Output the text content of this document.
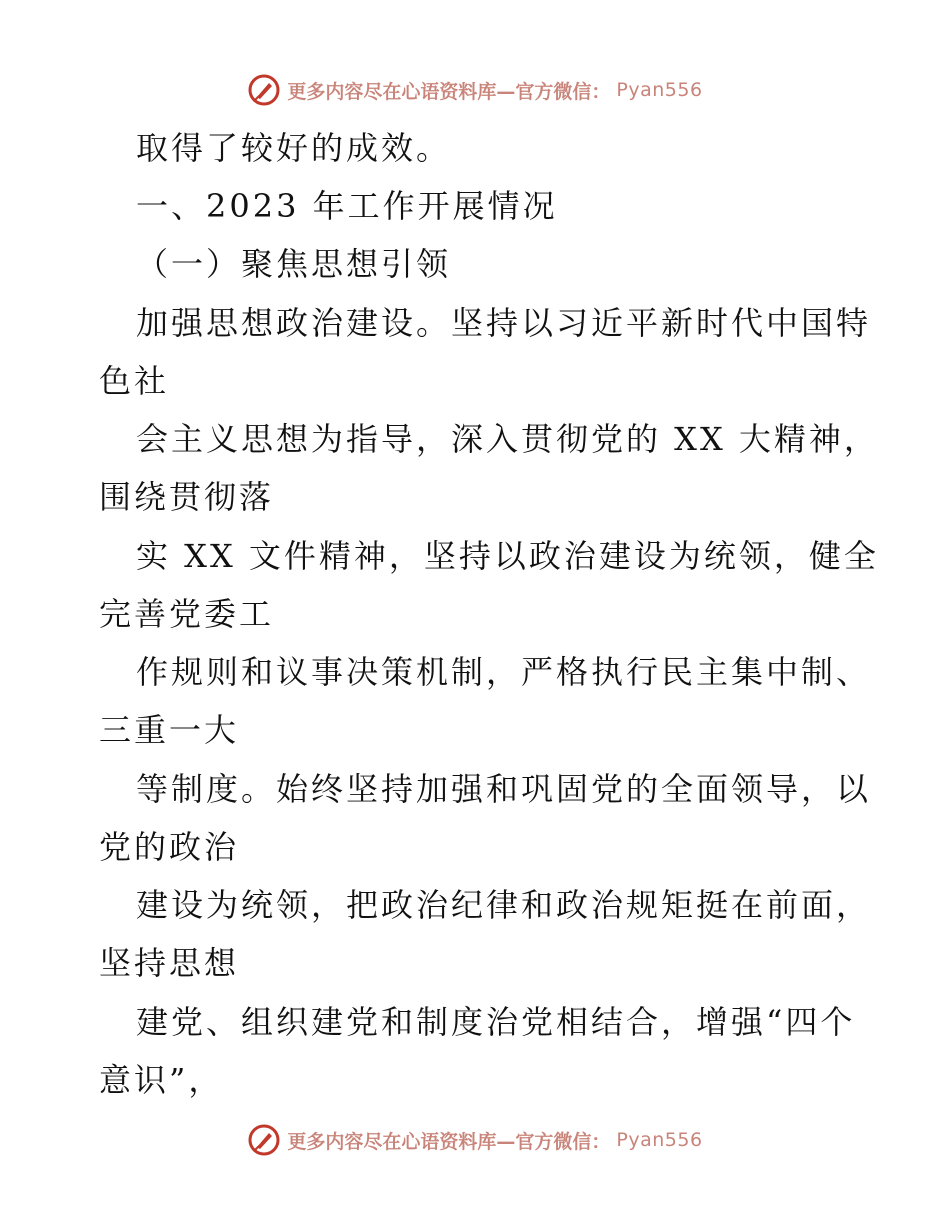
更多内容尽在心语资料库—官方微信： Pyan556
取得了较好的成效。
一、2023 年工作开展情况
（一）聚焦思想引领
加强思想政治建设。坚持以习近平新时代中国特
色社
会主义思想为指导，深入贯彻党的 XX 大精神，
围绕贯彻落
实 XX 文件精神，坚持以政治建设为统领，健全
完善党委工
作规则和议事决策机制，严格执行民主集中制、
三重一大
等制度。始终坚持加强和巩固党的全面领导，以
党的政治
建设为统领，把政治纪律和政治规矩挺在前面，
坚持思想
建党、组织建党和制度治党相结合，增强“四个
意识”，
更多内容尽在心语资料库—官方微信： Pyan556
